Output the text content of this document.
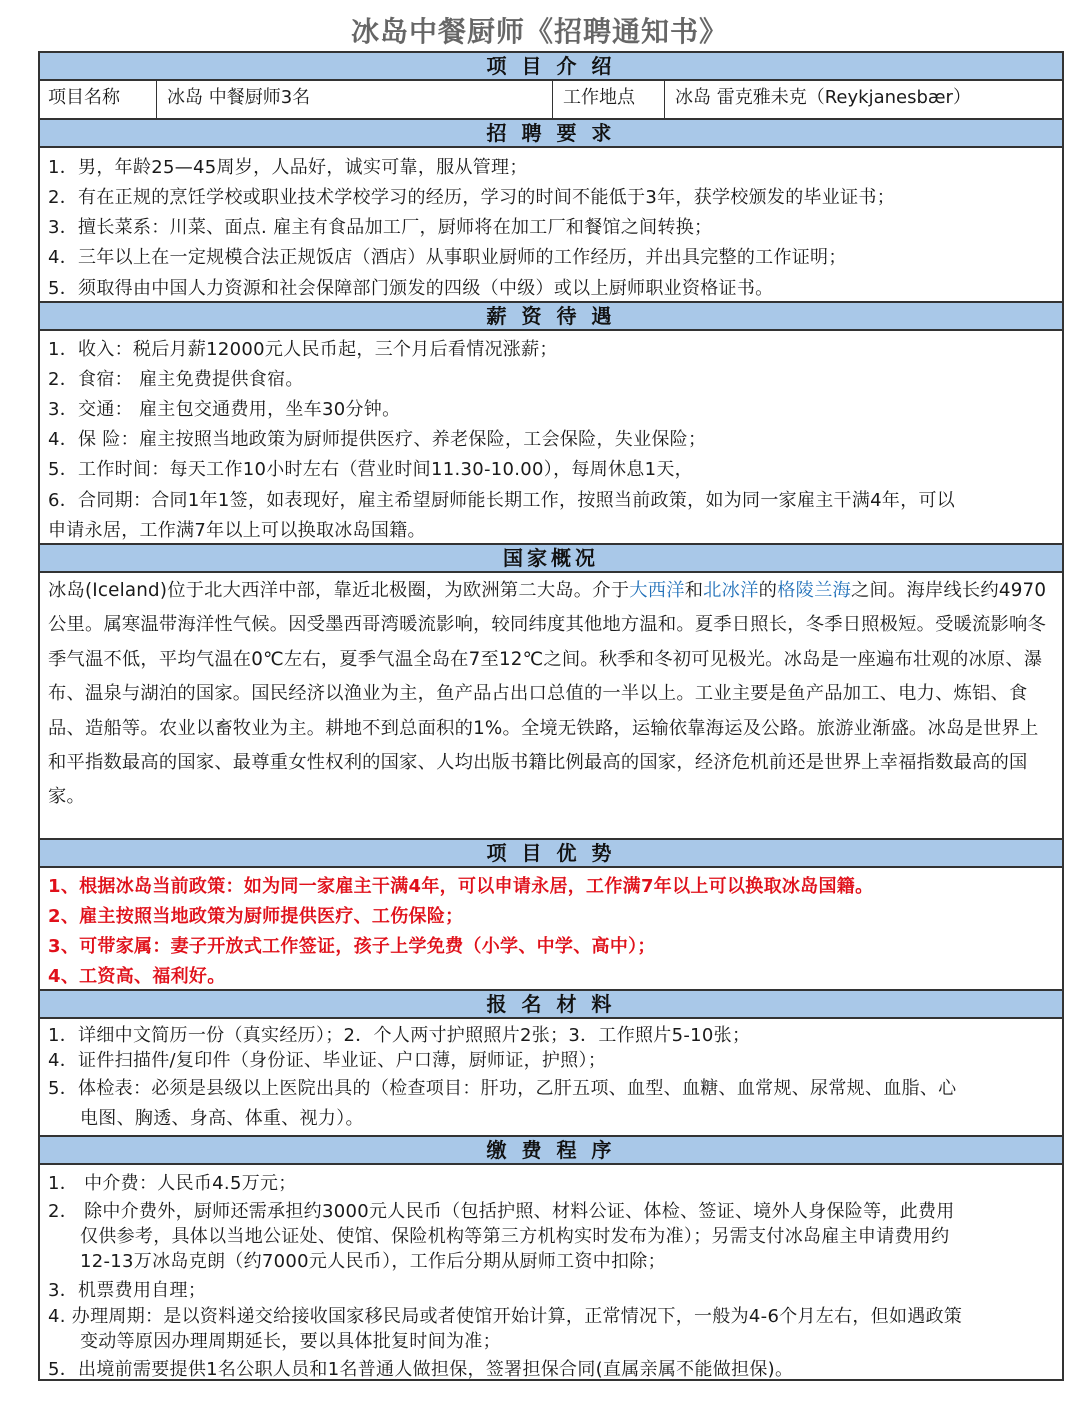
冰岛中餐厨师《招聘通知书》
项 目 介 绍
项目名称	冰岛 中餐厨师3名	工作地点	冰岛 雷克雅未克（Reykjanesbær）
招 聘 要 求
1．男，年龄25—45周岁，人品好，诚实可靠，服从管理；
2．有在正规的烹饪学校或职业技术学校学习的经历，学习的时间不能低于3年，获学校颁发的毕业证书；
3．擅长菜系：川菜、面点. 雇主有食品加工厂，厨师将在加工厂和餐馆之间转换；
4．三年以上在一定规模合法正规饭店（酒店）从事职业厨师的工作经历，并出具完整的工作证明；
5．须取得由中国人力资源和社会保障部门颁发的四级（中级）或以上厨师职业资格证书。
薪 资 待 遇
1．收入：税后月薪12000元人民币起，三个月后看情况涨薪；
2．食宿： 雇主免费提供食宿。
3．交通： 雇主包交通费用，坐车30分钟。
4．保 险：雇主按照当地政策为厨师提供医疗、养老保险，工会保险，失业保险；
5．工作时间：每天工作10小时左右（营业时间11.30-10.00），每周休息1天，
6．合同期：合同1年1签，如表现好，雇主希望厨师能长期工作，按照当前政策，如为同一家雇主干满4年，可以
申请永居，工作满7年以上可以换取冰岛国籍。
国家概况
冰岛(Iceland)位于北大西洋中部，靠近北极圈，为欧洲第二大岛。介于大西洋和北冰洋的格陵兰海之间。海岸线长约4970公里。属寒温带海洋性气候。因受墨西哥湾暖流影响，较同纬度其他地方温和。夏季日照长，冬季日照极短。受暖流影响冬季气温不低，平均气温在0℃左右，夏季气温全岛在7至12℃之间。秋季和冬初可见极光。冰岛是一座遍布壮观的冰原、瀑布、温泉与湖泊的国家。国民经济以渔业为主，鱼产品占出口总值的一半以上。工业主要是鱼产品加工、电力、炼铝、食品、造船等。农业以畜牧业为主。耕地不到总面积的1%。全境无铁路，运输依靠海运及公路。旅游业渐盛。冰岛是世界上和平指数最高的国家、最尊重女性权利的国家、人均出版书籍比例最高的国家，经济危机前还是世界上幸福指数最高的国家。
项 目 优 势
1、根据冰岛当前政策：如为同一家雇主干满4年，可以申请永居，工作满7年以上可以换取冰岛国籍。
2、雇主按照当地政策为厨师提供医疗、工伤保险；
3、可带家属：妻子开放式工作签证，孩子上学免费（小学、中学、高中）；
4、工资高、福利好。
报 名 材 料
1．详细中文简历一份（真实经历）；2．个人两寸护照照片2张；3．工作照片5-10张；
4．证件扫描件/复印件（身份证、毕业证、户口薄，厨师证，护照）；
5．体检表：必须是县级以上医院出具的（检查项目：肝功，乙肝五项、血型、血糖、血常规、尿常规、血脂、心
电图、胸透、身高、体重、视力）。
缴 费 程 序
1． 中介费：人民币4.5万元；
2． 除中介费外，厨师还需承担约3000元人民币（包括护照、材料公证、体检、签证、境外人身保险等，此费用
仅供参考，具体以当地公证处、使馆、保险机构等第三方机构实时发布为准）；另需支付冰岛雇主申请费用约
12-13万冰岛克朗（约7000元人民币），工作后分期从厨师工资中扣除；
3．机票费用自理；
4. 办理周期：是以资料递交给接收国家移民局或者使馆开始计算，正常情况下，一般为4-6个月左右，但如遇政策
变动等原因办理周期延长，要以具体批复时间为准；
5．出境前需要提供1名公职人员和1名普通人做担保，签署担保合同(直属亲属不能做担保)。
